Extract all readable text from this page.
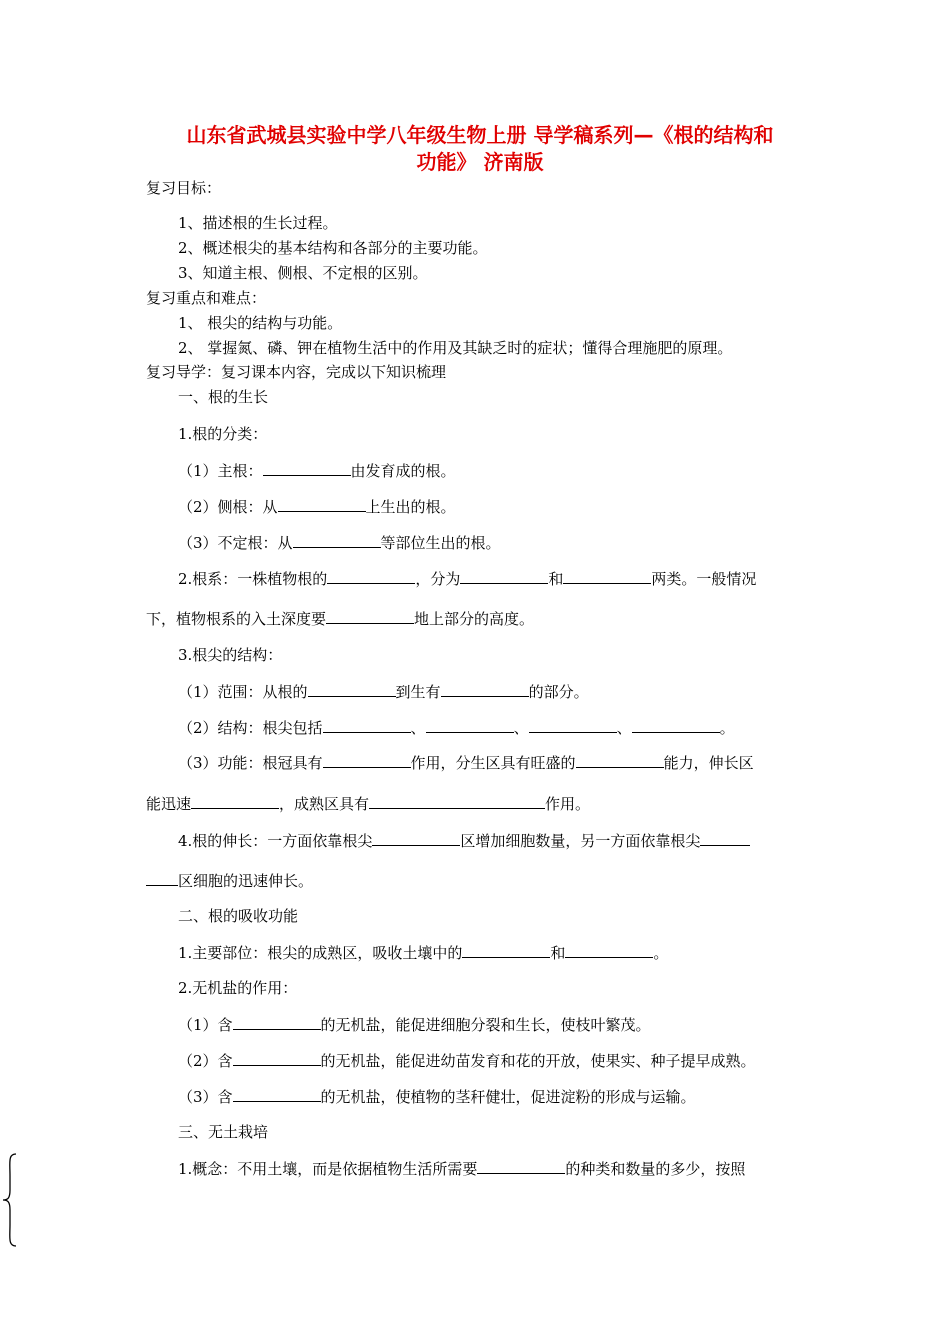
山东省武城县实验中学八年级生物上册 导学稿系列—《根的结构和
功能》 济南版
复习目标：
1、描述根的生长过程。
2、概述根尖的基本结构和各部分的主要功能。
3、知道主根、侧根、不定根的区别。
复习重点和难点：
1、 根尖的结构与功能。
2、 掌握氮、磷、钾在植物生活中的作用及其缺乏时的症状；懂得合理施肥的原理。
复习导学：复习课本内容，完成以下知识梳理
一、根的生长
1.根的分类：
（1）主根：	由发育成的根。
（2）侧根：从	上生出的根。
（3）不定根：从	等部位生出的根。
2.根系：一株植物根的	，分为	和	两类。一般情况
下，植物根系的入土深度要	地上部分的高度。
3.根尖的结构：
（1）范围：从根的	到生有	的部分。
（2）结构：根尖包括	、	、	、	。
（3）功能：根冠具有	作用，分生区具有旺盛的	能力，伸长区
能迅速	，成熟区具有	作用。
4.根的伸长：一方面依靠根尖	区增加细胞数量，另一方面依靠根尖
区细胞的迅速伸长。
二、根的吸收功能
1.主要部位：根尖的成熟区，吸收土壤中的	和	。
2.无机盐的作用：
（1）含	的无机盐，能促进细胞分裂和生长，使枝叶繁茂。
（2）含	的无机盐，能促进幼苗发育和花的开放，使果实、种子提早成熟。
（3）含	的无机盐，使植物的茎秆健壮，促进淀粉的形成与运输。
三、无土栽培
1.概念：不用土壤，而是依据植物生活所需要	的种类和数量的多少，按照
